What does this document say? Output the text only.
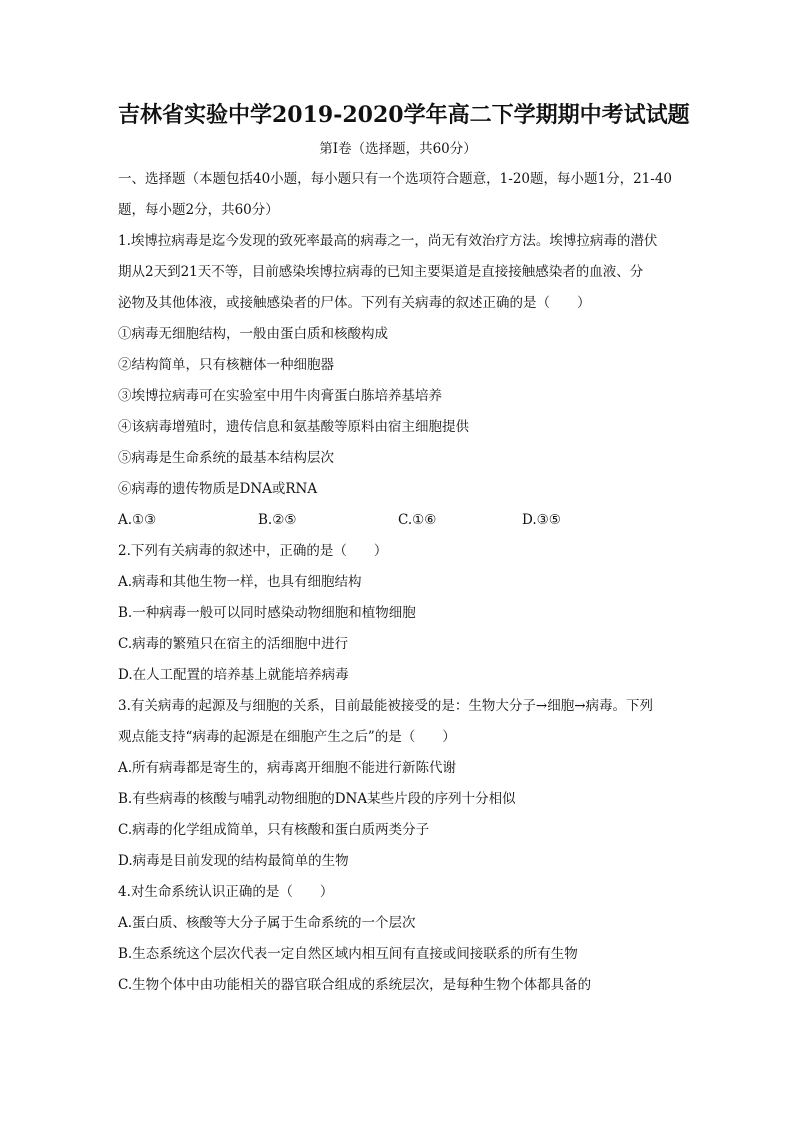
吉林省实验中学2019-2020学年高二下学期期中考试试题
第Ⅰ卷（选择题，共60分）

一、选择题（本题包括40小题，每小题只有一个选项符合题意，1-20题，每小题1分，21-40题，每小题2分，共60分）

1.埃博拉病毒是迄今发现的致死率最高的病毒之一，尚无有效治疗方法。埃博拉病毒的潜伏
期从2天到21天不等，目前感染埃博拉病毒的已知主要渠道是直接接触感染者的血液、分
泌物及其他体液，或接触感染者的尸体。下列有关病毒的叙述正确的是（　　）
①病毒无细胞结构，一般由蛋白质和核酸构成
②结构简单，只有核糖体一种细胞器
③埃博拉病毒可在实验室中用牛肉膏蛋白胨培养基培养
④该病毒增殖时，遗传信息和氨基酸等原料由宿主细胞提供
⑤病毒是生命系统的最基本结构层次
⑥病毒的遗传物质是DNA或RNA
A.①③	B.②⑤	C.①⑥	D.③⑤
2.下列有关病毒的叙述中，正确的是（　　）
A.病毒和其他生物一样，也具有细胞结构
B.一种病毒一般可以同时感染动物细胞和植物细胞
C.病毒的繁殖只在宿主的活细胞中进行
D.在人工配置的培养基上就能培养病毒
3.有关病毒的起源及与细胞的关系，目前最能被接受的是：生物大分子→细胞→病毒。下列
观点能支持“病毒的起源是在细胞产生之后”的是（　　）
A.所有病毒都是寄生的，病毒离开细胞不能进行新陈代谢
B.有些病毒的核酸与哺乳动物细胞的DNA某些片段的序列十分相似
C.病毒的化学组成简单，只有核酸和蛋白质两类分子
D.病毒是目前发现的结构最简单的生物
4.对生命系统认识正确的是（　　）
A.蛋白质、核酸等大分子属于生命系统的一个层次
B.生态系统这个层次代表一定自然区域内相互间有直接或间接联系的所有生物
C.生物个体中由功能相关的器官联合组成的系统层次，是每种生物个体都具备的
